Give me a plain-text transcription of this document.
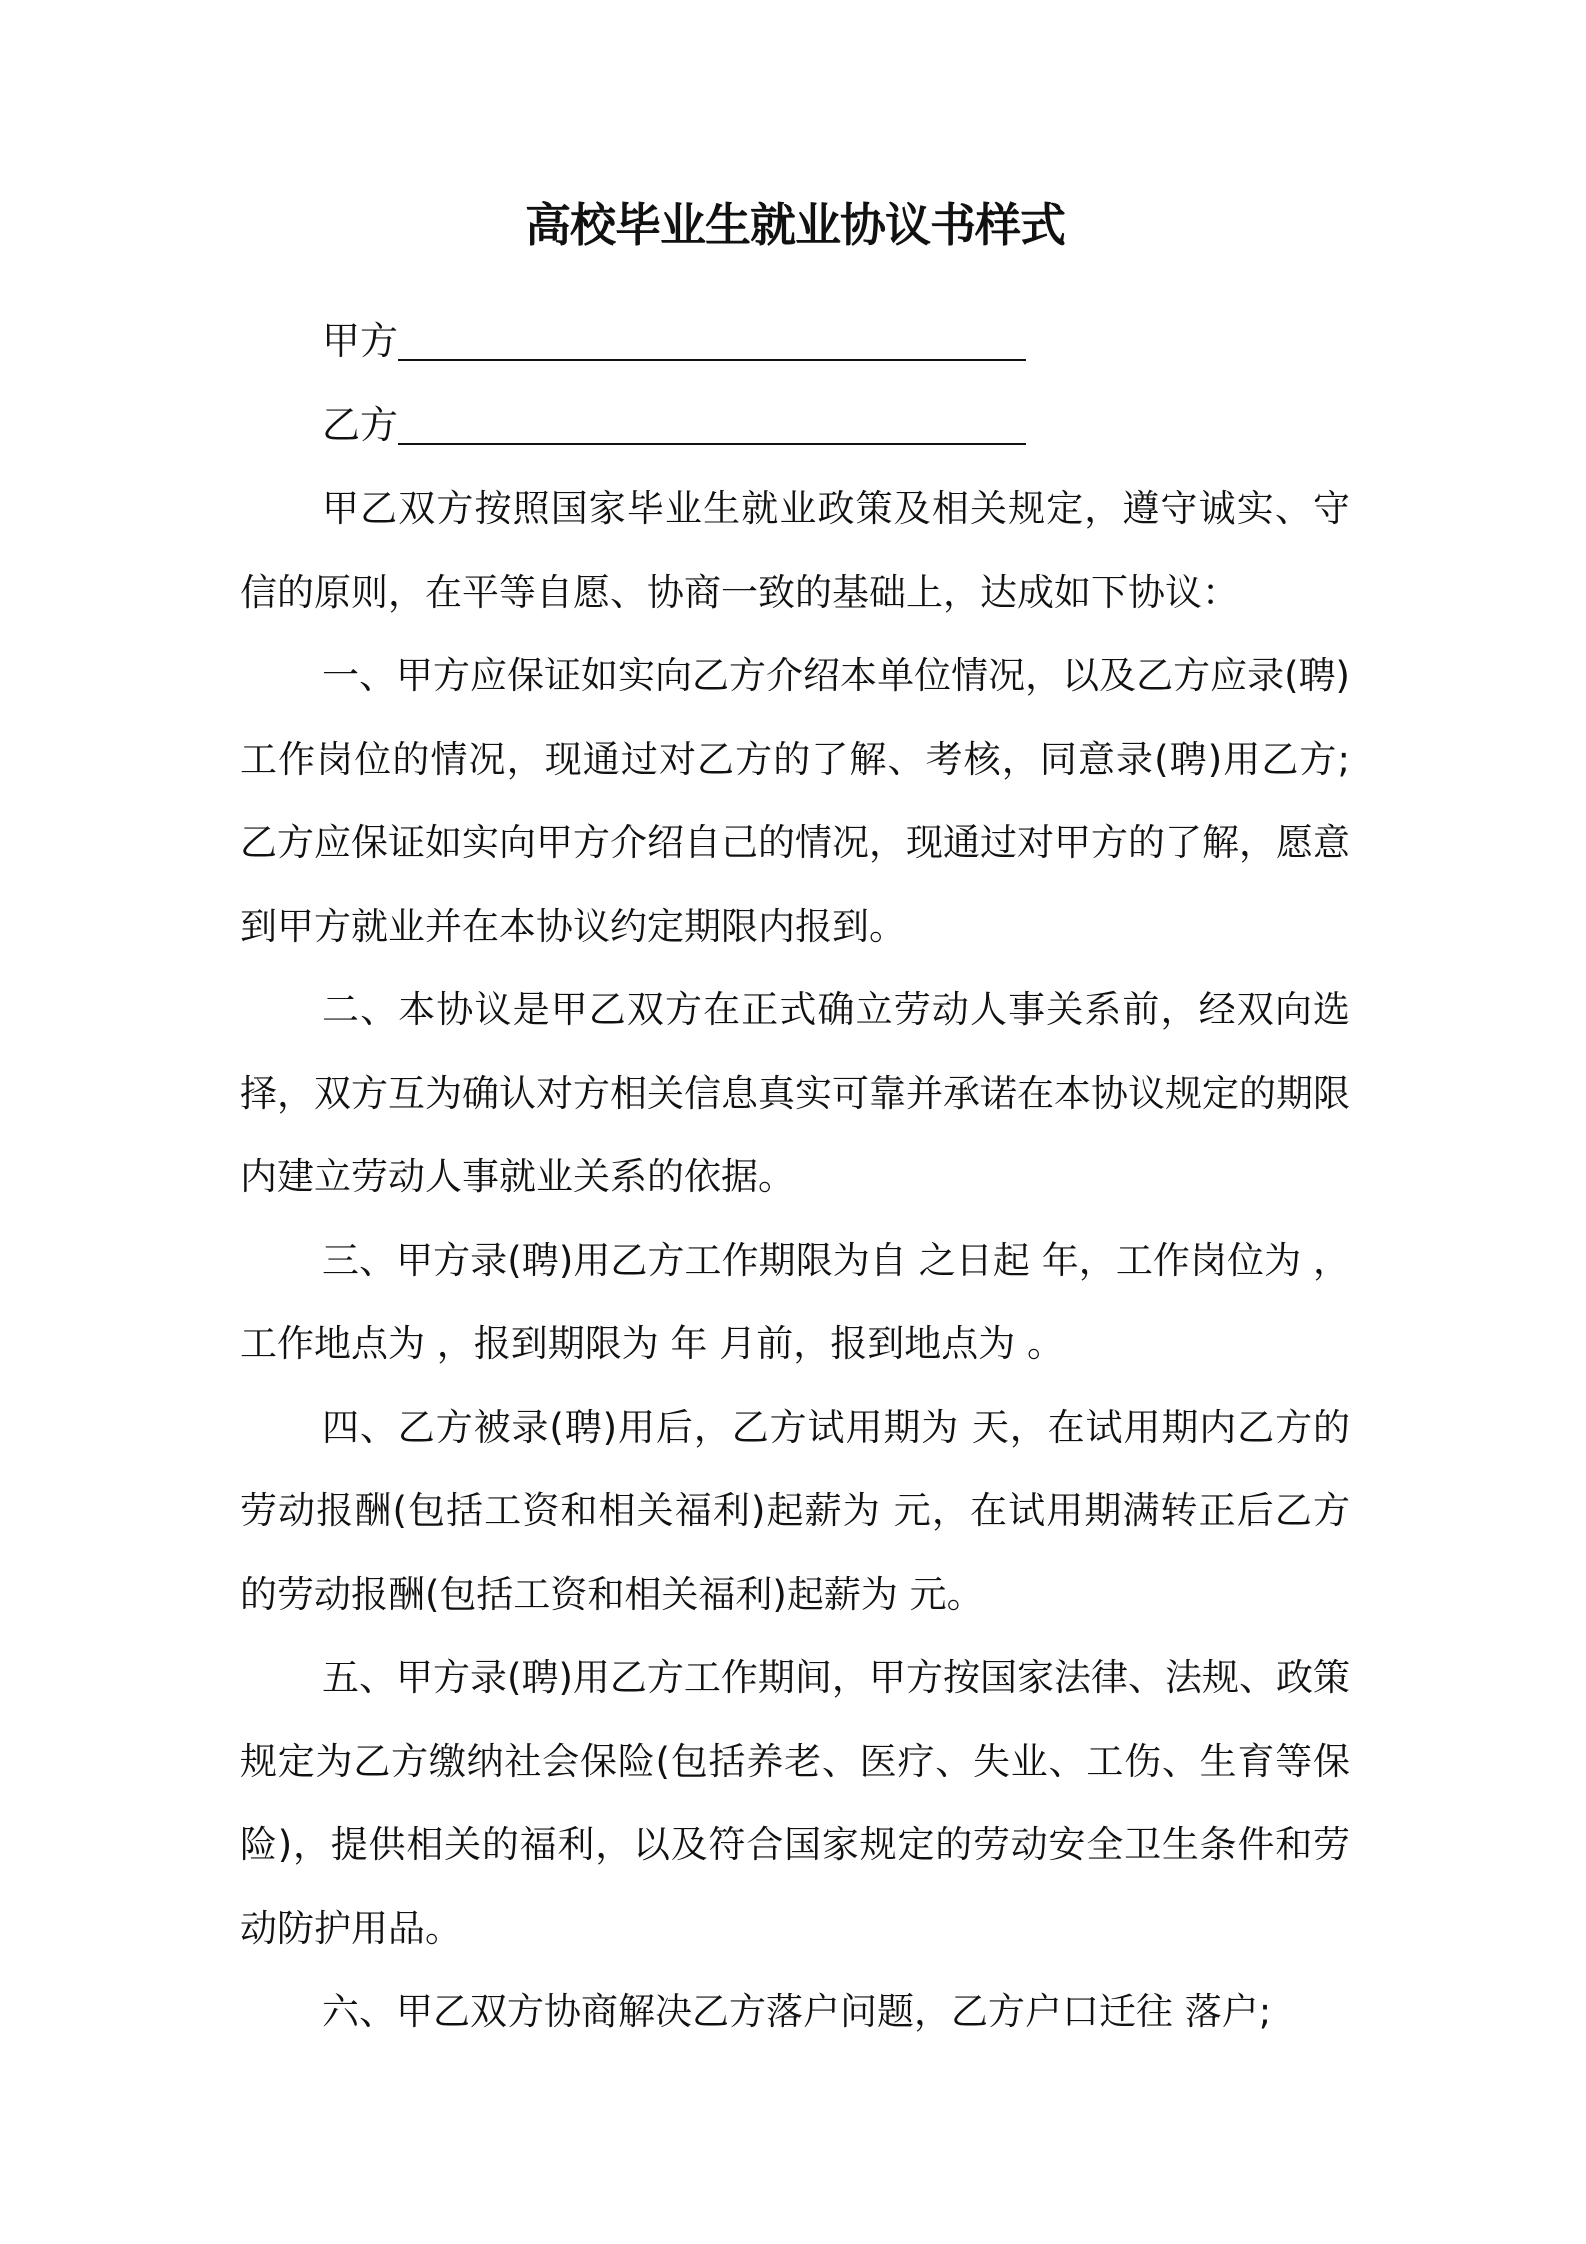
高校毕业生就业协议书样式
甲方
乙方

甲乙双方按照国家毕业生就业政策及相关规定，遵守诚实、守信的原则，在平等自愿、协商一致的基础上，达成如下协议：

一、甲方应保证如实向乙方介绍本单位情况，以及乙方应录(聘)工作岗位的情况，现通过对乙方的了解、考核，同意录(聘)用乙方;乙方应保证如实向甲方介绍自己的情况，现通过对甲方的了解，愿意到甲方就业并在本协议约定期限内报到。

二、本协议是甲乙双方在正式确立劳动人事关系前，经双向选择，双方互为确认对方相关信息真实可靠并承诺在本协议规定的期限内建立劳动人事就业关系的依据。

三、甲方录(聘)用乙方工作期限为自 之日起 年，工作岗位为 ，工作地点为 ，报到期限为 年 月前，报到地点为 。

四、乙方被录(聘)用后，乙方试用期为 天，在试用期内乙方的劳动报酬(包括工资和相关福利)起薪为 元，在试用期满转正后乙方的劳动报酬(包括工资和相关福利)起薪为 元。

五、甲方录(聘)用乙方工作期间，甲方按国家法律、法规、政策规定为乙方缴纳社会保险(包括养老、医疗、失业、工伤、生育等保险)，提供相关的福利，以及符合国家规定的劳动安全卫生条件和劳动防护用品。

六、甲乙双方协商解决乙方落户问题，乙方户口迁往 落户;
